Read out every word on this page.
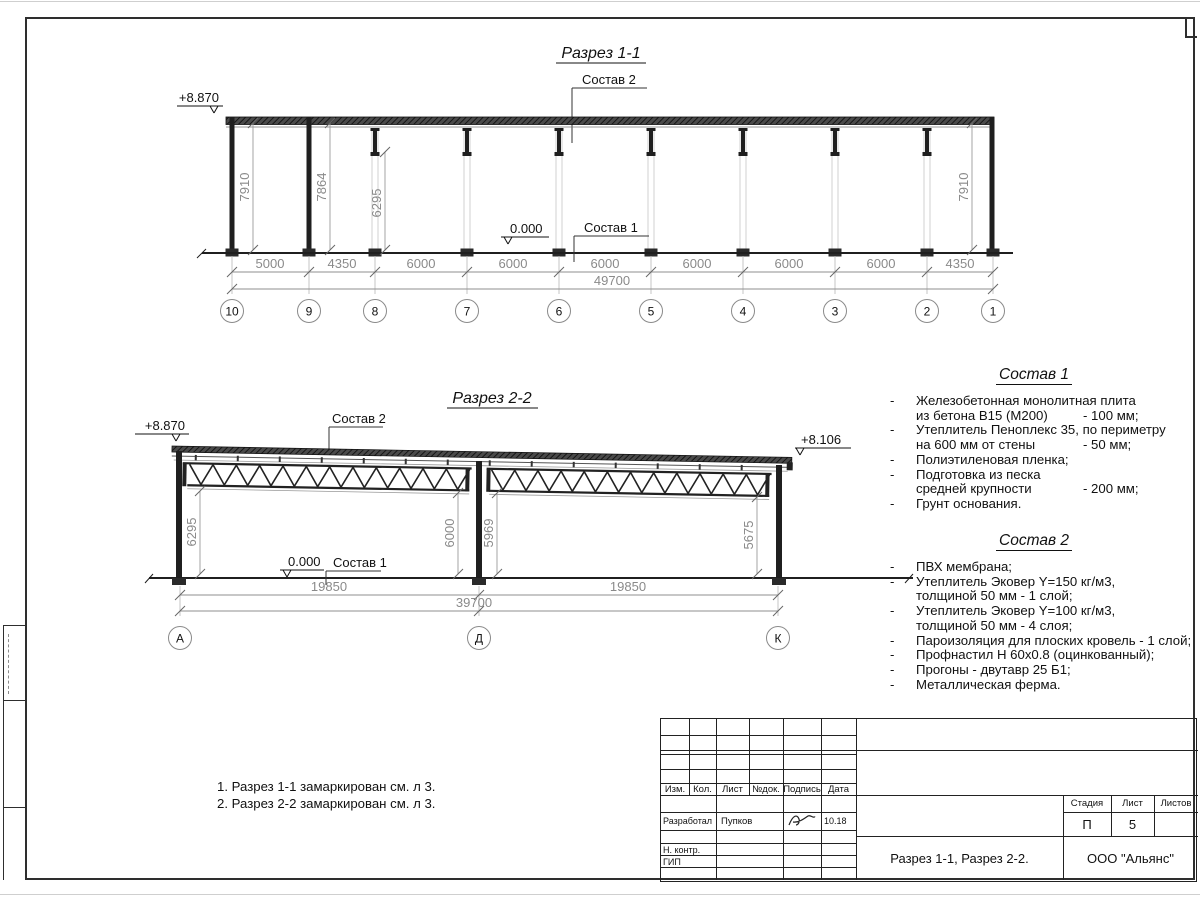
Разрез 1-1
Состав 2
+8.870
7910	7864
6295
7910
0.000	Состав 1
5000	4350	6000	6000	6000	6000	6000	6000	4350
49700
10	9	8	7	6	5	4	3	2	1
Разрез 2-2
+8.870
+8.106
Состав 2
0.000 Состав 1
6295	6000 5969	5675
19850	19850
39700
А	Д	К
Состав 1
- Железобетонная монолитная плита
из бетона В15 (М200)	- 100 мм;
- Утеплитель Пеноплекс 35, по периметру
на 600 мм от стены	- 50 мм;
- Полиэтиленовая пленка;
- Подготовка из песка
средней крупности	- 200 мм;
- Грунт основания.
Состав 2
- ПВХ мембрана;
- Утеплитель Эковер Y=150 кг/м3,
толщиной 50 мм - 1 слой;
- Утеплитель Эковер Y=100 кг/м3,
толщиной 50 мм - 4 слоя;
- Пароизоляция для плоских кровель - 1 слой;
- Профнастил Н 60х0.8 (оцинкованный);
- Прогоны - двутавр 25 Б1;
- Металлическая ферма.
1. Разрез 1-1 замаркирован см. л 3.
2. Разрез 2-2 замаркирован см. л 3.
Изм. Кол.	Лист №док. Подпись Дата
Разработал Пупков	10.18
Н. контр.
ГИП
Стадия	Лист	Листов
П	5
Разрез 1-1, Разрез 2-2.	ООО "Альянс"
